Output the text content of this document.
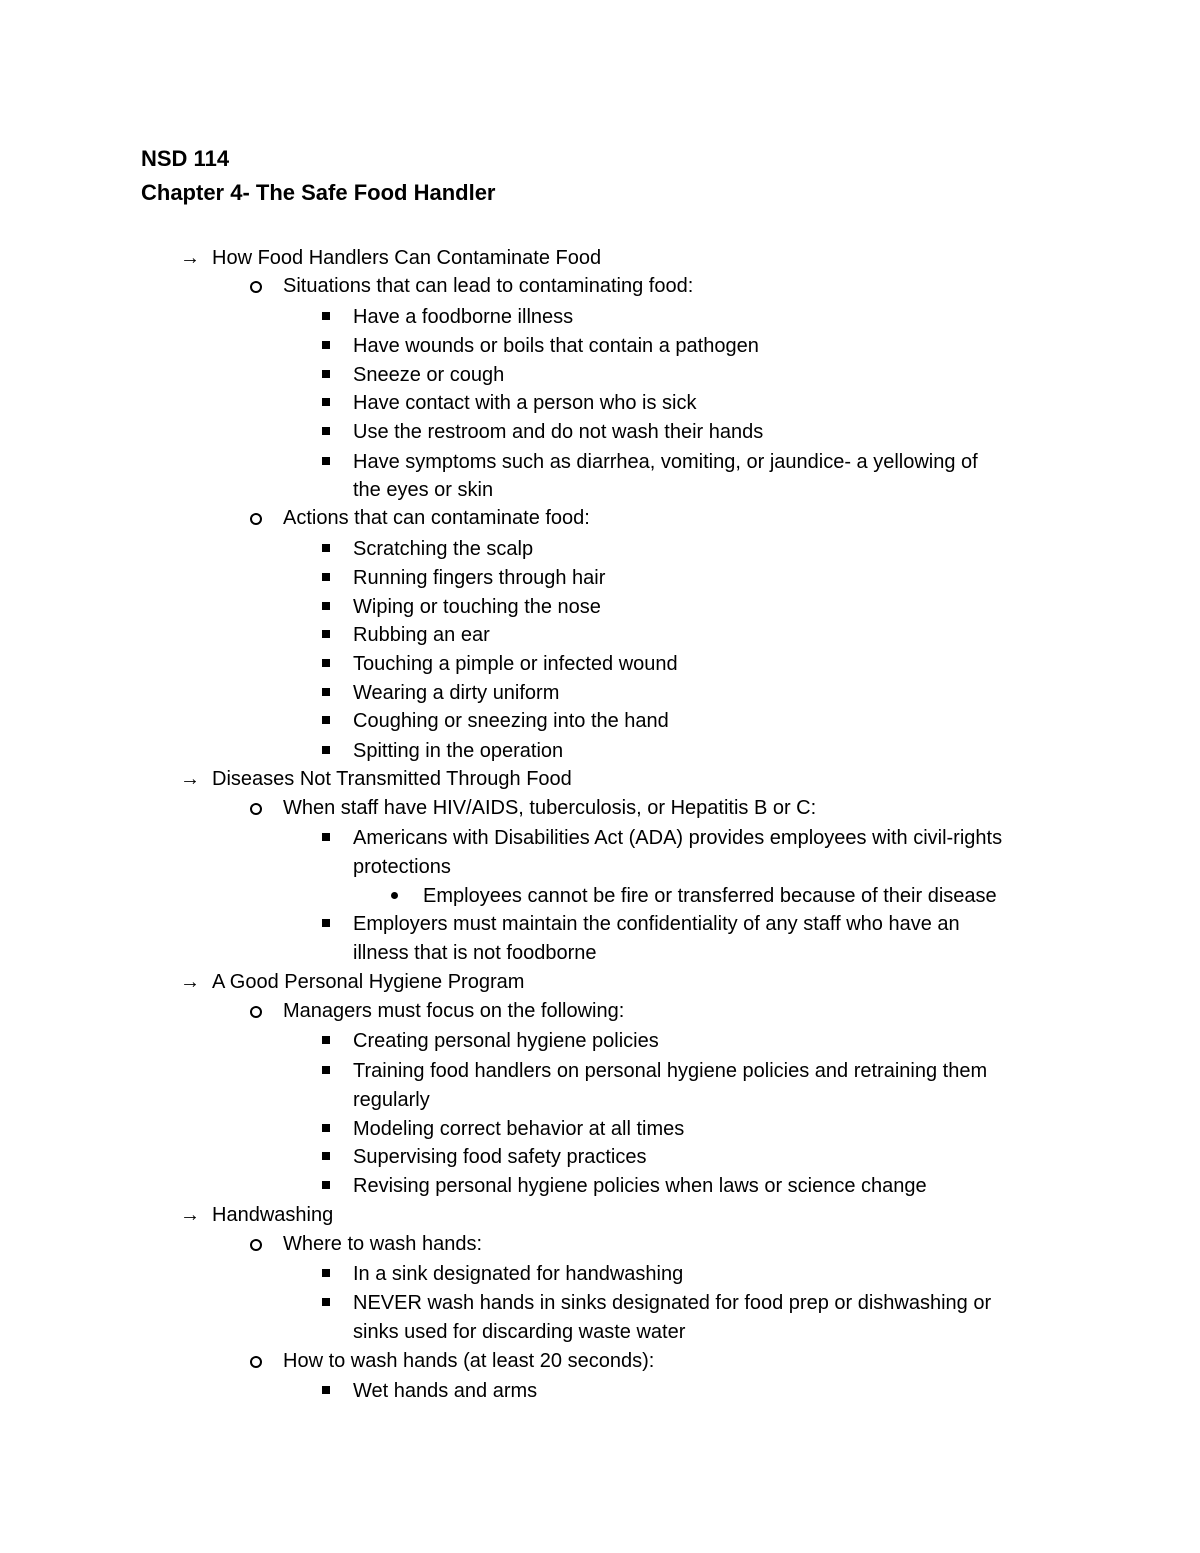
NSD 114
Chapter 4- The Safe Food Handler
→ How Food Handlers Can Contaminate Food
Situations that can lead to contaminating food:
Have a foodborne illness
Have wounds or boils that contain a pathogen
Sneeze or cough
Have contact with a person who is sick
Use the restroom and do not wash their hands
Have symptoms such as diarrhea, vomiting, or jaundice- a yellowing of
the eyes or skin
Actions that can contaminate food:
Scratching the scalp
Running fingers through hair
Wiping or touching the nose
Rubbing an ear
Touching a pimple or infected wound
Wearing a dirty uniform
Coughing or sneezing into the hand
Spitting in the operation
→ Diseases Not Transmitted Through Food
When staff have HIV/AIDS, tuberculosis, or Hepatitis B or C:
Americans with Disabilities Act (ADA) provides employees with civil-rights
protections
Employees cannot be fire or transferred because of their disease
Employers must maintain the confidentiality of any staff who have an
illness that is not foodborne
→ A Good Personal Hygiene Program
Managers must focus on the following:
Creating personal hygiene policies
Training food handlers on personal hygiene policies and retraining them
regularly
Modeling correct behavior at all times
Supervising food safety practices
Revising personal hygiene policies when laws or science change
→ Handwashing
Where to wash hands:
In a sink designated for handwashing
NEVER wash hands in sinks designated for food prep or dishwashing or
sinks used for discarding waste water
How to wash hands (at least 20 seconds):
Wet hands and arms
